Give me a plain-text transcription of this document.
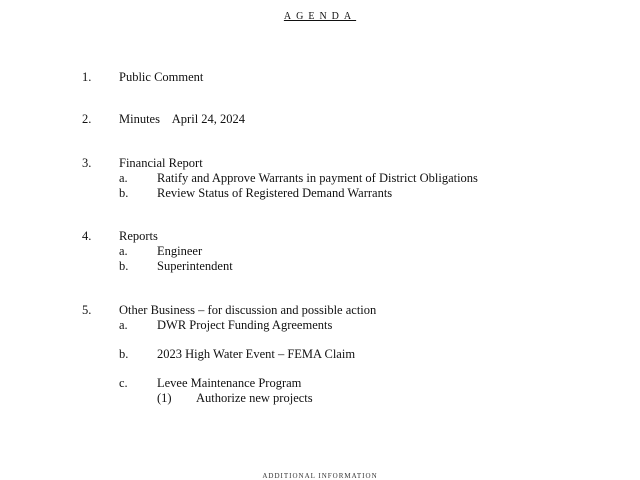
AGENDA
1. Public Comment
2. Minutes    April 24, 2024
3. Financial Report
a. Ratify and Approve Warrants in payment of District Obligations
b. Review Status of Registered Demand Warrants
4. Reports
a. Engineer
b. Superintendent
5. Other Business – for discussion and possible action
a. DWR Project Funding Agreements
b. 2023 High Water Event – FEMA Claim
c. Levee Maintenance Program
(1) Authorize new projects
ADDITIONAL INFORMATION
